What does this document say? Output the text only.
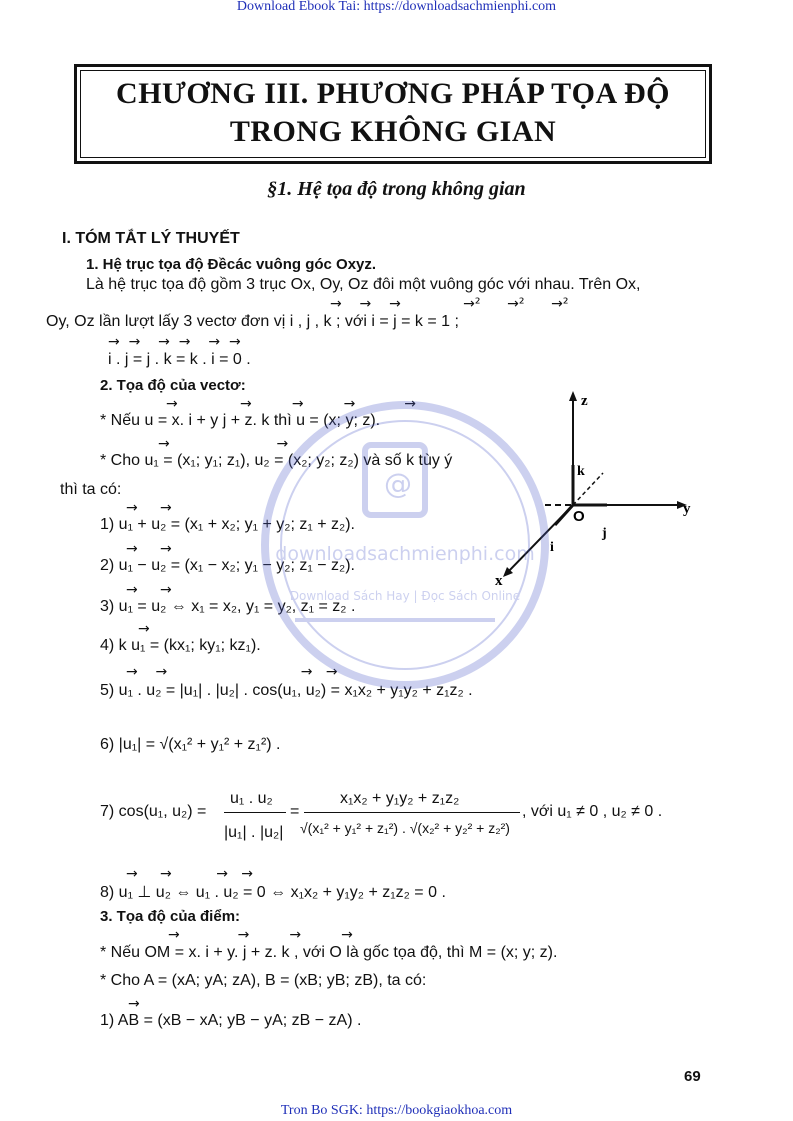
Download Ebook Tai: https://downloadsachmienphi.com
Tron Bo SGK: https://bookgiaokhoa.com
CHƯƠNG III. PHƯƠNG PHÁP TỌA ĐỘ
TRONG KHÔNG GIAN
§1. Hệ tọa độ trong không gian
I. TÓM TẮT LÝ THUYẾT
1. Hệ trục tọa độ Đềcác vuông góc Oxyz.
Là hệ trục tọa độ gồm 3 trục Ox, Oy, Oz đôi một vuông góc với nhau. Trên Ox,
→    →    →              →²      →²      →²
Oy, Oz lần lượt lấy 3 vectơ đơn vị i , j , k ; với i = j = k = 1 ;
→  →    →  →    →  →
i . j = j . k = k . i = 0 .
2. Tọa độ của vectơ:
→              →         →         →           →
* Nếu u = x. i + y j + z. k thì u = (x; y; z).
→                        →
* Cho u₁ = (x₁; y₁; z₁), u₂ = (x₂; y₂; z₂) và số k tùy ý
thì ta có:
→     →
1) u₁ + u₂ = (x₁ + x₂; y₁ + y₂; z₁ + z₂).
→     →
2) u₁ − u₂ = (x₁ − x₂; y₁ − y₂; z₁ − z₂).
→     →
3) u₁ = u₂ ⇔ x₁ = x₂, y₁ = y₂, z₁ = z₂ .
→
4) k u₁ = (kx₁; ky₁; kz₁).
→    →                              →   →
5) u₁ . u₂ = |u₁| . |u₂| . cos(u₁, u₂) = x₁x₂ + y₁y₂ + z₁z₂ .
6) |u₁| = √(x₁² + y₁² + z₁²) .
7) cos(u₁, u₂) =
u₁ . u₂
|u₁| . |u₂|
=
x₁x₂ + y₁y₂ + z₁z₂
√(x₁² + y₁² + z₁²) . √(x₂² + y₂² + z₂²)
, với u₁ ≠ 0 , u₂ ≠ 0 .
→     →          →   →
8) u₁ ⊥ u₂ ⇔ u₁ . u₂ = 0 ⇔ x₁x₂ + y₁y₂ + z₁z₂ = 0 .
3. Tọa độ của điểm:
→             →         →         →
* Nếu OM = x. i + y. j + z. k , với O là gốc tọa độ, thì M = (x; y; z).
* Cho A = (xA; yA; zA), B = (xB; yB; zB), ta có:
→
1) AB = (xB − xA; yB − yA; zB − zA) .
z
y
x
O
i
j
k
@
downloadsachmienphi.com
Download Sách Hay | Đọc Sách Online
69
